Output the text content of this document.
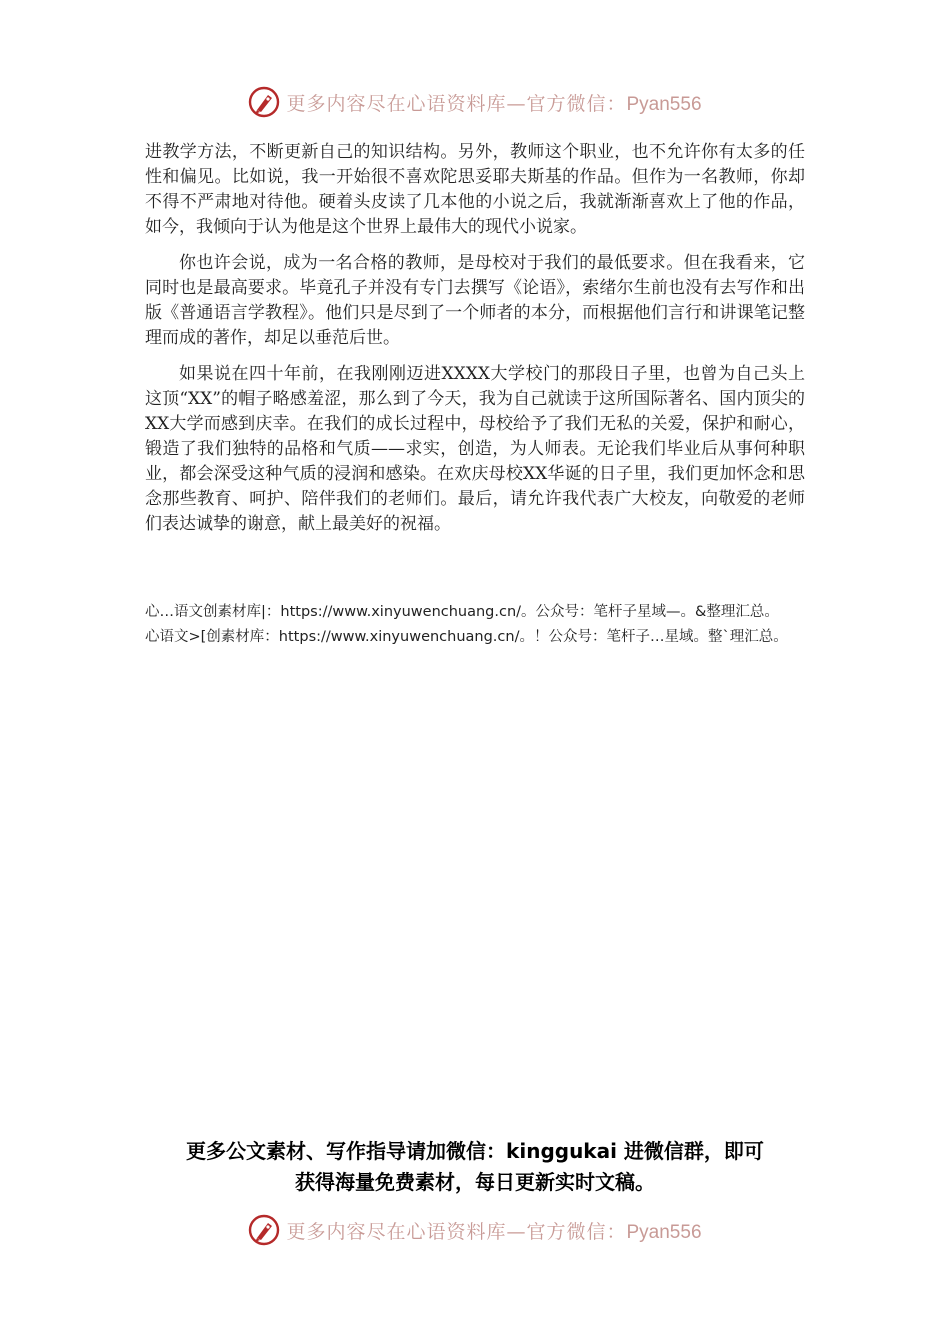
更多内容尽在心语资料库—官方微信：Pyan556

进教学方法，不断更新自己的知识结构。另外，教师这个职业，也不允许你有太多的任性和偏见。比如说，我一开始很不喜欢陀思妥耶夫斯基的作品。但作为一名教师，你却不得不严肃地对待他。硬着头皮读了几本他的小说之后，我就渐渐喜欢上了他的作品，如今，我倾向于认为他是这个世界上最伟大的现代小说家。

你也许会说，成为一名合格的教师，是母校对于我们的最低要求。但在我看来，它同时也是最高要求。毕竟孔子并没有专门去撰写《论语》，索绪尔生前也没有去写作和出版《普通语言学教程》。他们只是尽到了一个师者的本分，而根据他们言行和讲课笔记整理而成的著作，却足以垂范后世。

如果说在四十年前，在我刚刚迈进XXXX大学校门的那段日子里，也曾为自己头上这顶“XX”的帽子略感羞涩，那么到了今天，我为自己就读于这所国际著名、国内顶尖的XX大学而感到庆幸。在我们的成长过程中，母校给予了我们无私的关爱，保护和耐心，锻造了我们独特的品格和气质——求实，创造，为人师表。无论我们毕业后从事何种职业，都会深受这种气质的浸润和感染。在欢庆母校XX华诞的日子里，我们更加怀念和思念那些教育、呵护、陪伴我们的老师们。最后，请允许我代表广大校友，向敬爱的老师们表达诚挚的谢意，献上最美好的祝福。

心…语文创素材库|：https://www.xinyuwenchuang.cn/。公众号：笔杆子星域—。&整理汇总。

心语文>[创素材库：https://www.xinyuwenchuang.cn/。！公众号：笔杆子…星域。整`理汇总。

更多公文素材、写作指导请加微信：kinggukai 进微信群，即可

获得海量免费素材，每日更新实时文稿。

更多内容尽在心语资料库—官方微信：Pyan556
